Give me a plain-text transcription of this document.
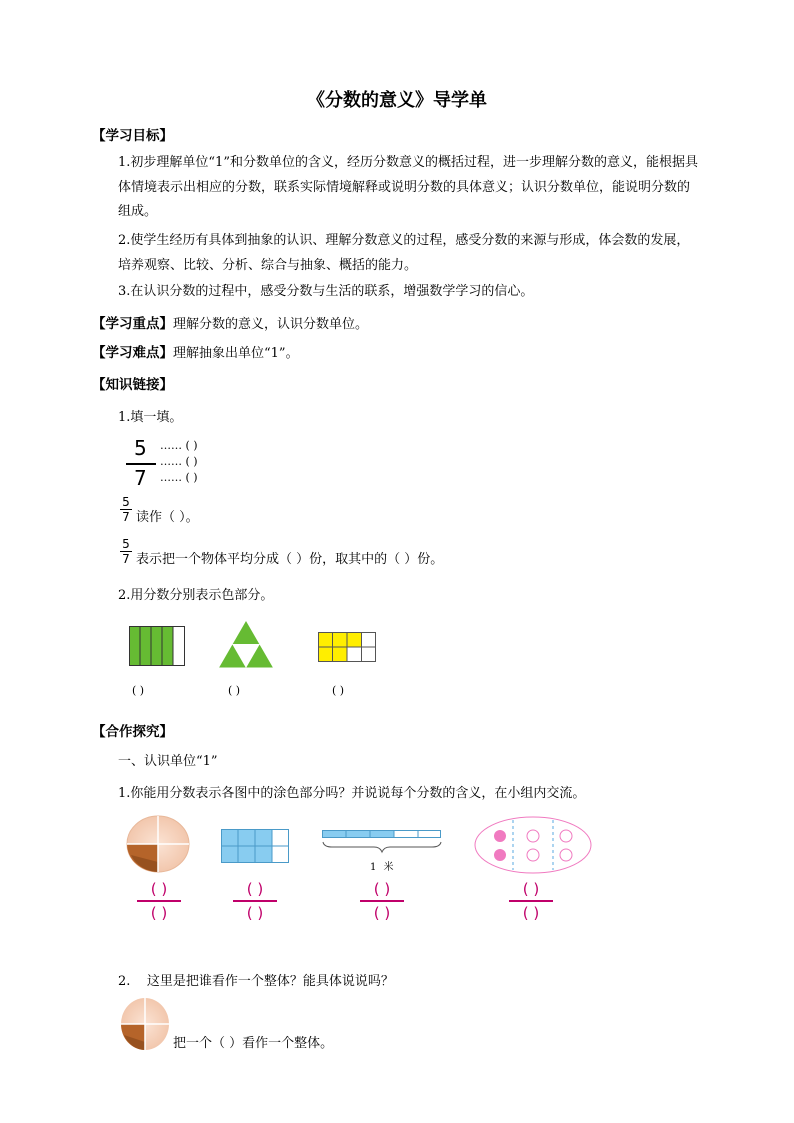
《分数的意义》导学单
【学习目标】
1.初步理解单位“1”和分数单位的含义，经历分数意义的概括过程，进一步理解分数的意义，能根据具体情境表示出相应的分数，联系实际情境解释或说明分数的具体意义；认识分数单位，能说明分数的组成。
2.使学生经历有具体到抽象的认识、理解分数意义的过程，感受分数的来源与形成，体会数的发展，培养观察、比较、分析、综合与抽象、概括的能力。
3.在认识分数的过程中，感受分数与生活的联系，增强数学学习的信心。
【学习重点】理解分数的意义，认识分数单位。
【学习难点】理解抽象出单位“1”。
【知识链接】
1.填一填。
5
7
…… ( )
…… ( )
…… ( )
5
7 读作（ ）。
5
7 表示把一个物体平均分成（ ）份，取其中的（ ）份。
2.用分数分别表示色部分。
( )	( )	( )
【合作探究】
一、认识单位“1”
1.你能用分数表示各图中的涂色部分吗？并说说每个分数的含义，在小组内交流。
1 米
( )
( )
( )
( )
( )
( )
( )
( )
2.    这里是把谁看作一个整体？能具体说说吗？
把一个（ ）看作一个整体。
